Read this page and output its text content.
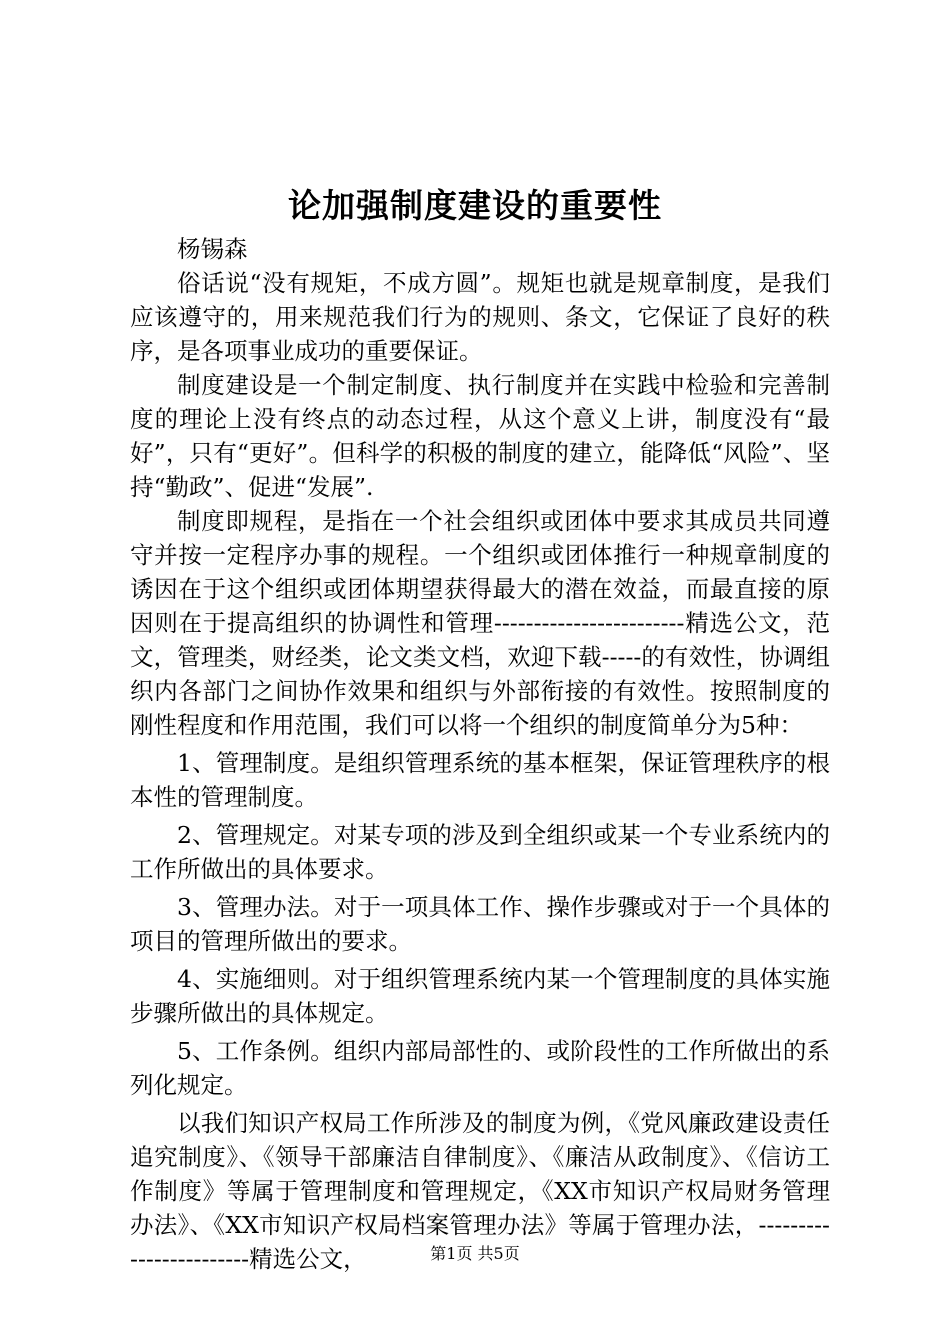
论加强制度建设的重要性

杨锡森

俗话说“没有规矩，不成方圆”。规矩也就是规章制度，是我们应该遵守的，用来规范我们行为的规则、条文，它保证了良好的秩序，是各项事业成功的重要保证。

制度建设是一个制定制度、执行制度并在实践中检验和完善制度的理论上没有终点的动态过程，从这个意义上讲，制度没有“最好”，只有“更好”。但科学的积极的制度的建立，能降低“风险”、坚持“勤政”、促进“发展”.

制度即规程，是指在一个社会组织或团体中要求其成员共同遵守并按一定程序办事的规程。一个组织或团体推行一种规章制度的诱因在于这个组织或团体期望获得最大的潜在效益，而最直接的原因则在于提高组织的协调性和管理------------------------精选公文，范文，管理类，财经类，论文类文档，欢迎下载-----的有效性，协调组织内各部门之间协作效果和组织与外部衔接的有效性。按照制度的刚性程度和作用范围，我们可以将一个组织的制度简单分为5种：

1、管理制度。是组织管理系统的基本框架，保证管理秩序的根本性的管理制度。

2、管理规定。对某专项的涉及到全组织或某一个专业系统内的工作所做出的具体要求。

3、管理办法。对于一项具体工作、操作步骤或对于一个具体的项目的管理所做出的要求。

4、实施细则。对于组织管理系统内某一个管理制度的具体实施步骤所做出的具体规定。

5、工作条例。组织内部局部性的、或阶段性的工作所做出的系列化规定。

以我们知识产权局工作所涉及的制度为例，《党风廉政建设责任追究制度》、《领导干部廉洁自律制度》、《廉洁从政制度》、《信访工作制度》等属于管理制度和管理规定，《XX市知识产权局财务管理办法》、《XX市知识产权局档案管理办法》等属于管理办法，------------------------精选公文，	第1页 共5页
